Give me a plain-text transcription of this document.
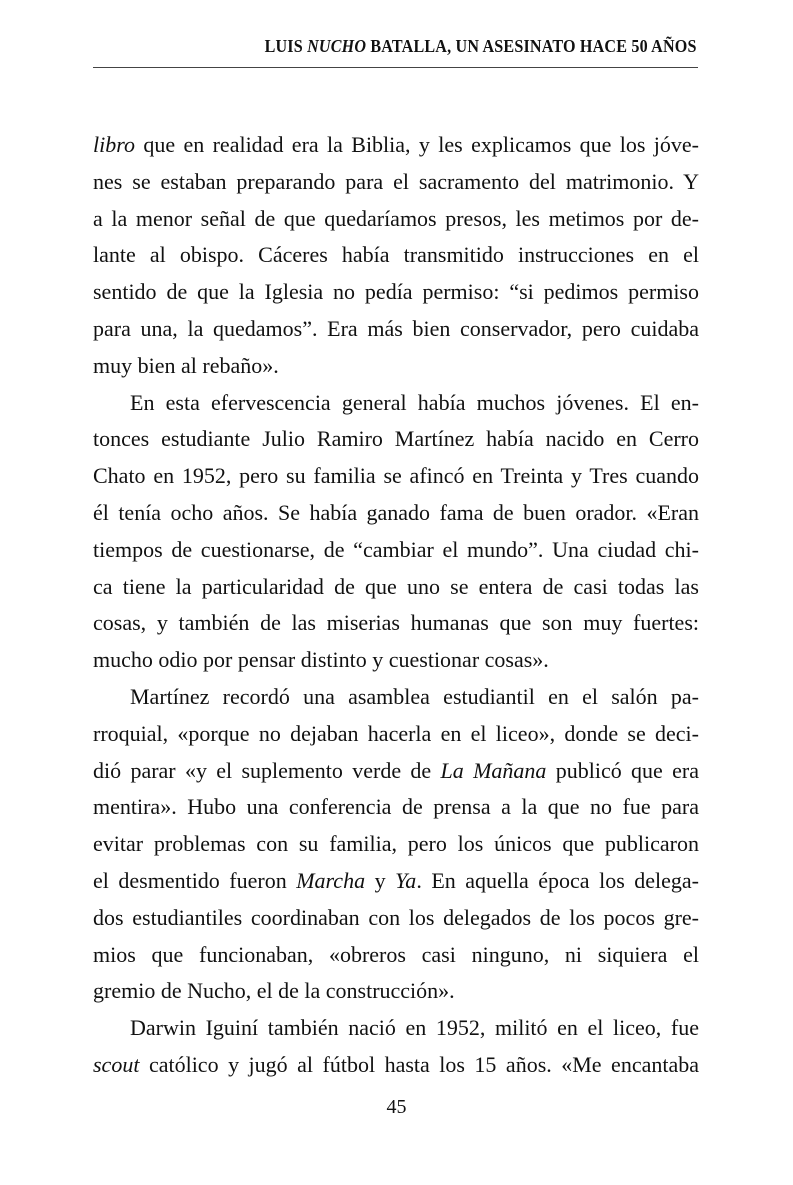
LUIS NUCHO BATALLA, UN ASESINATO HACE 50 AÑOS
libro que en realidad era la Biblia, y les explicamos que los jóve-
nes se estaban preparando para el sacramento del matrimonio. Y
a la menor señal de que quedaríamos presos, les metimos por de-
lante al obispo. Cáceres había transmitido instrucciones en el
sentido de que la Iglesia no pedía permiso: “si pedimos permiso
para una, la quedamos”. Era más bien conservador, pero cuidaba
muy bien al rebaño».
En esta efervescencia general había muchos jóvenes. El en-
tonces estudiante Julio Ramiro Martínez había nacido en Cerro
Chato en 1952, pero su familia se afincó en Treinta y Tres cuando
él tenía ocho años. Se había ganado fama de buen orador. «Eran
tiempos de cuestionarse, de “cambiar el mundo”. Una ciudad chi-
ca tiene la particularidad de que uno se entera de casi todas las
cosas, y también de las miserias humanas que son muy fuertes:
mucho odio por pensar distinto y cuestionar cosas».
Martínez recordó una asamblea estudiantil en el salón pa-
rroquial, «porque no dejaban hacerla en el liceo», donde se deci-
dió parar «y el suplemento verde de La Mañana publicó que era
mentira». Hubo una conferencia de prensa a la que no fue para
evitar problemas con su familia, pero los únicos que publicaron
el desmentido fueron Marcha y Ya. En aquella época los delega-
dos estudiantiles coordinaban con los delegados de los pocos gre-
mios que funcionaban, «obreros casi ninguno, ni siquiera el
gremio de Nucho, el de la construcción».
Darwin Iguiní también nació en 1952, militó en el liceo, fue
scout católico y jugó al fútbol hasta los 15 años. «Me encantaba
45
